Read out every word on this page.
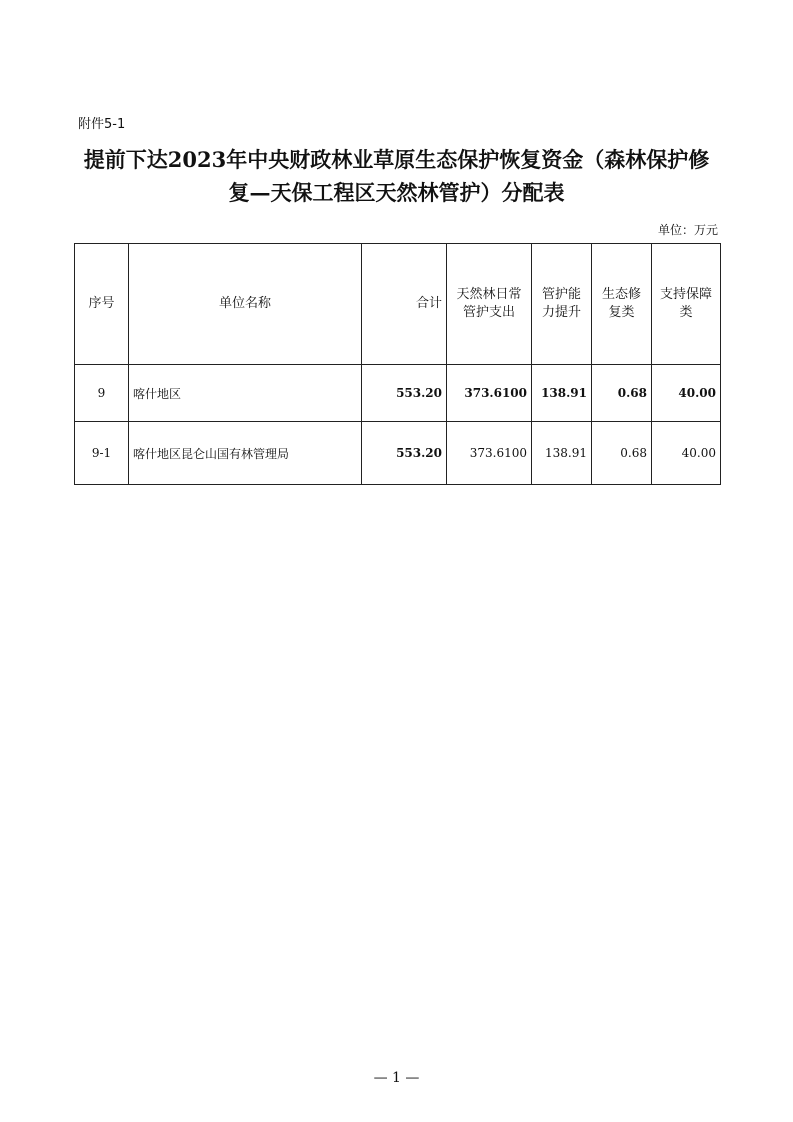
附件5-1
提前下达2023年中央财政林业草原生态保护恢复资金（森林保护修
复—天保工程区天然林管护）分配表
单位：万元
序号	单位名称	合计	天然林日常管护支出	管护能力提升	生态修复类	支持保障类
9	喀什地区	553.20	373.6100	138.91	0.68	40.00
9-1	喀什地区昆仑山国有林管理局	553.20	373.6100	138.91	0.68	40.00
— 1 —
